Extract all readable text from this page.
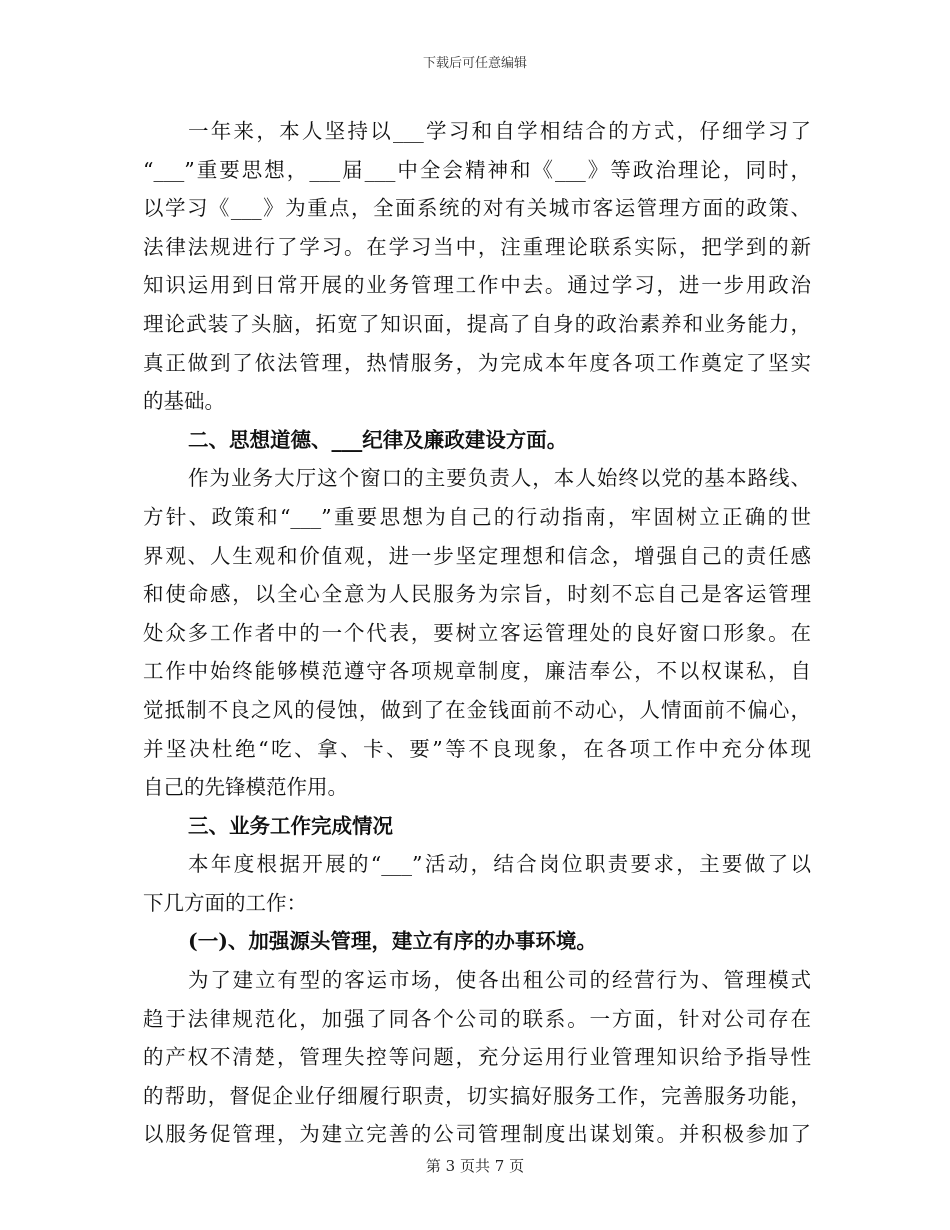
下载后可任意编辑
一年来，本人坚持以___学习和自学相结合的方式，仔细学习了
“___”重要思想，___届___中全会精神和《___》等政治理论，同时，
以学习《___》为重点，全面系统的对有关城市客运管理方面的政策、
法律法规进行了学习。在学习当中，注重理论联系实际，把学到的新
知识运用到日常开展的业务管理工作中去。通过学习，进一步用政治
理论武装了头脑，拓宽了知识面，提高了自身的政治素养和业务能力，
真正做到了依法管理，热情服务，为完成本年度各项工作奠定了坚实
的基础。
二、思想道德、___纪律及廉政建设方面。
作为业务大厅这个窗口的主要负责人，本人始终以党的基本路线、
方针、政策和“___”重要思想为自己的行动指南，牢固树立正确的世
界观、人生观和价值观，进一步坚定理想和信念，增强自己的责任感
和使命感，以全心全意为人民服务为宗旨，时刻不忘自己是客运管理
处众多工作者中的一个代表，要树立客运管理处的良好窗口形象。在
工作中始终能够模范遵守各项规章制度，廉洁奉公，不以权谋私，自
觉抵制不良之风的侵蚀，做到了在金钱面前不动心，人情面前不偏心，
并坚决杜绝“吃、拿、卡、要”等不良现象，在各项工作中充分体现
自己的先锋模范作用。
三、业务工作完成情况
本年度根据开展的“___”活动，结合岗位职责要求，主要做了以
下几方面的工作：
(一)、加强源头管理，建立有序的办事环境。
为了建立有型的客运市场，使各出租公司的经营行为、管理模式
趋于法律规范化，加强了同各个公司的联系。一方面，针对公司存在
的产权不清楚，管理失控等问题，充分运用行业管理知识给予指导性
的帮助，督促企业仔细履行职责，切实搞好服务工作，完善服务功能，
以服务促管理，为建立完善的公司管理制度出谋划策。并积极参加了
第 3 页共 7 页
